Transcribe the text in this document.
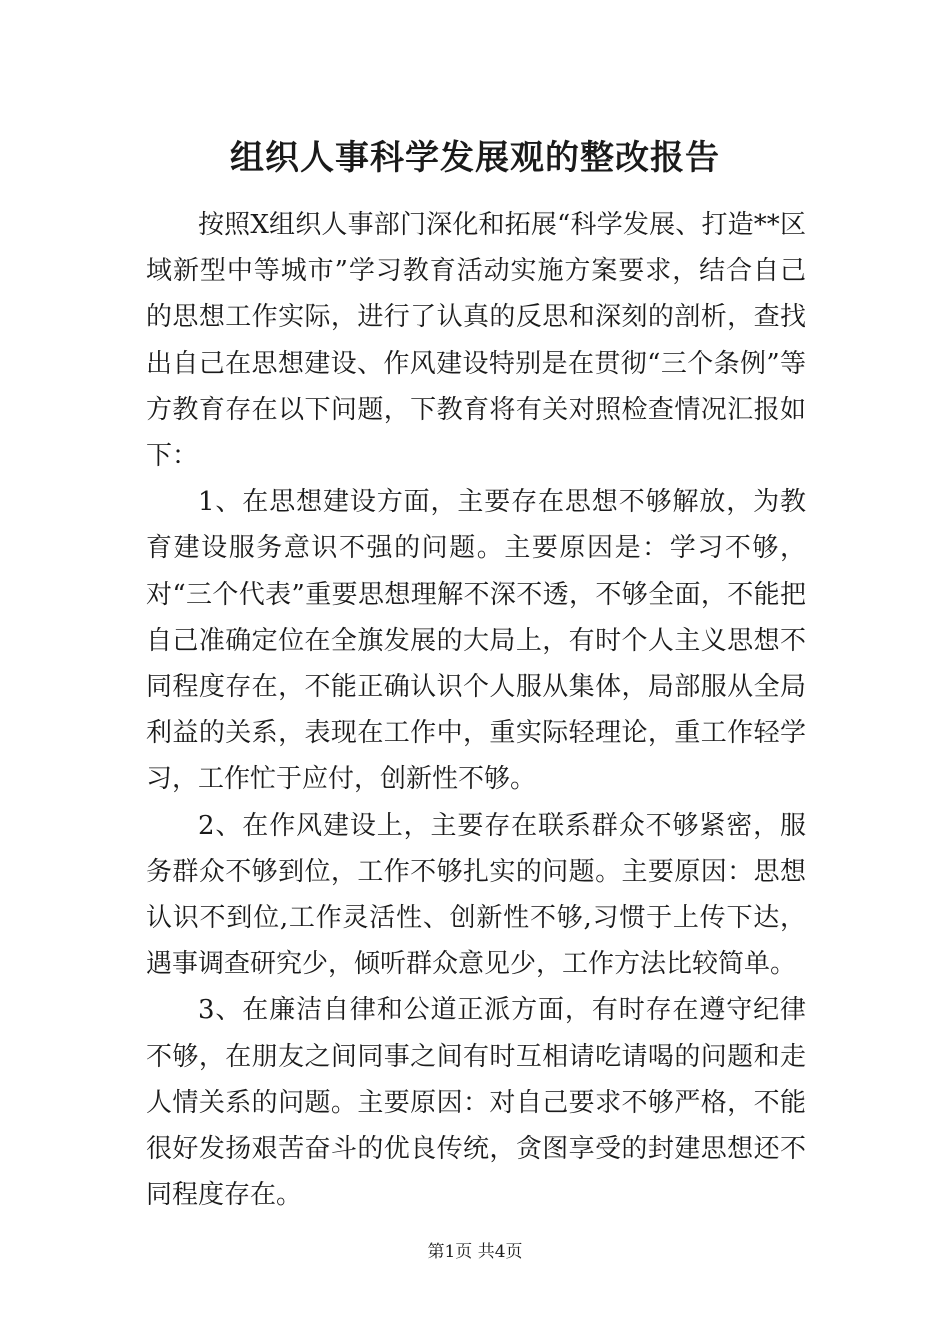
组织人事科学发展观的整改报告

按照X组织人事部门深化和拓展“科学发展、打造**区域新型中等城市”学习教育活动实施方案要求，结合自己的思想工作实际，进行了认真的反思和深刻的剖析，查找出自己在思想建设、作风建设特别是在贯彻“三个条例”等方教育存在以下问题，下教育将有关对照检查情况汇报如下：

1、在思想建设方面，主要存在思想不够解放，为教育建设服务意识不强的问题。主要原因是：学习不够，对“三个代表”重要思想理解不深不透，不够全面，不能把自己准确定位在全旗发展的大局上，有时个人主义思想不同程度存在，不能正确认识个人服从集体，局部服从全局利益的关系，表现在工作中，重实际轻理论，重工作轻学习，工作忙于应付，创新性不够。

2、在作风建设上，主要存在联系群众不够紧密，服务群众不够到位，工作不够扎实的问题。主要原因：思想认识不到位,工作灵活性、创新性不够,习惯于上传下达，遇事调查研究少，倾听群众意见少，工作方法比较简单。

3、在廉洁自律和公道正派方面，有时存在遵守纪律不够，在朋友之间同事之间有时互相请吃请喝的问题和走人情关系的问题。主要原因：对自己要求不够严格，不能很好发扬艰苦奋斗的优良传统，贪图享受的封建思想还不同程度存在。

第1页 共4页
